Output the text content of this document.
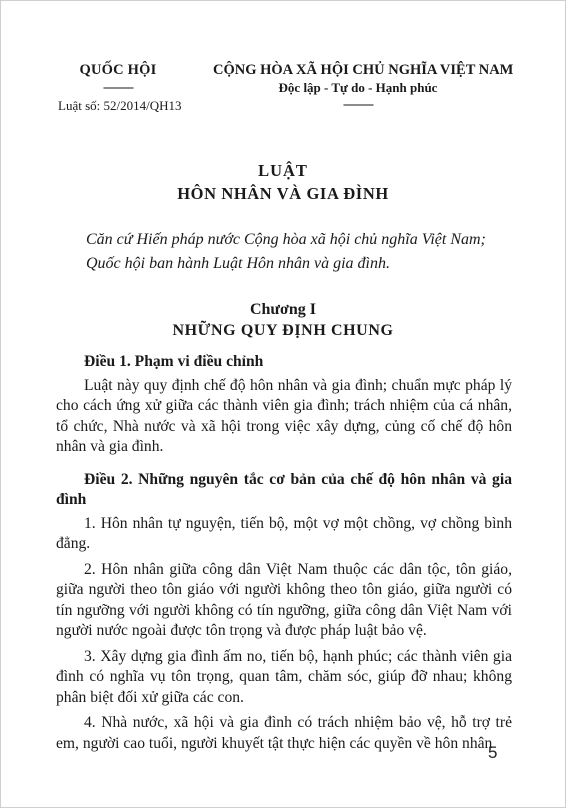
QUỐC HỘI
----------
Luật số: 52/2014/QH13
CỘNG HÒA XÃ HỘI CHỦ NGHĨA VIỆT NAM
Độc lập - Tự do - Hạnh phúc
----------
LUẬT
HÔN NHÂN VÀ GIA ĐÌNH
Căn cứ Hiến pháp nước Cộng hòa xã hội chủ nghĩa Việt Nam;
Quốc hội ban hành Luật Hôn nhân và gia đình.
Chương I
NHỮNG QUY ĐỊNH CHUNG
Điều 1. Phạm vi điều chỉnh
Luật này quy định chế độ hôn nhân và gia đình; chuẩn mực pháp lý cho cách ứng xử giữa các thành viên gia đình; trách nhiệm của cá nhân, tổ chức, Nhà nước và xã hội trong việc xây dựng, củng cố chế độ hôn nhân và gia đình.
Điều 2. Những nguyên tắc cơ bản của chế độ hôn nhân và gia đình
1. Hôn nhân tự nguyện, tiến bộ, một vợ một chồng, vợ chồng bình đẳng.
2. Hôn nhân giữa công dân Việt Nam thuộc các dân tộc, tôn giáo, giữa người theo tôn giáo với người không theo tôn giáo, giữa người có tín ngưỡng với người không có tín ngưỡng, giữa công dân Việt Nam với người nước ngoài được tôn trọng và được pháp luật bảo vệ.
3. Xây dựng gia đình ấm no, tiến bộ, hạnh phúc; các thành viên gia đình có nghĩa vụ tôn trọng, quan tâm, chăm sóc, giúp đỡ nhau; không phân biệt đối xử giữa các con.
4. Nhà nước, xã hội và gia đình có trách nhiệm bảo vệ, hỗ trợ trẻ em, người cao tuổi, người khuyết tật thực hiện các quyền về hôn nhân
5
